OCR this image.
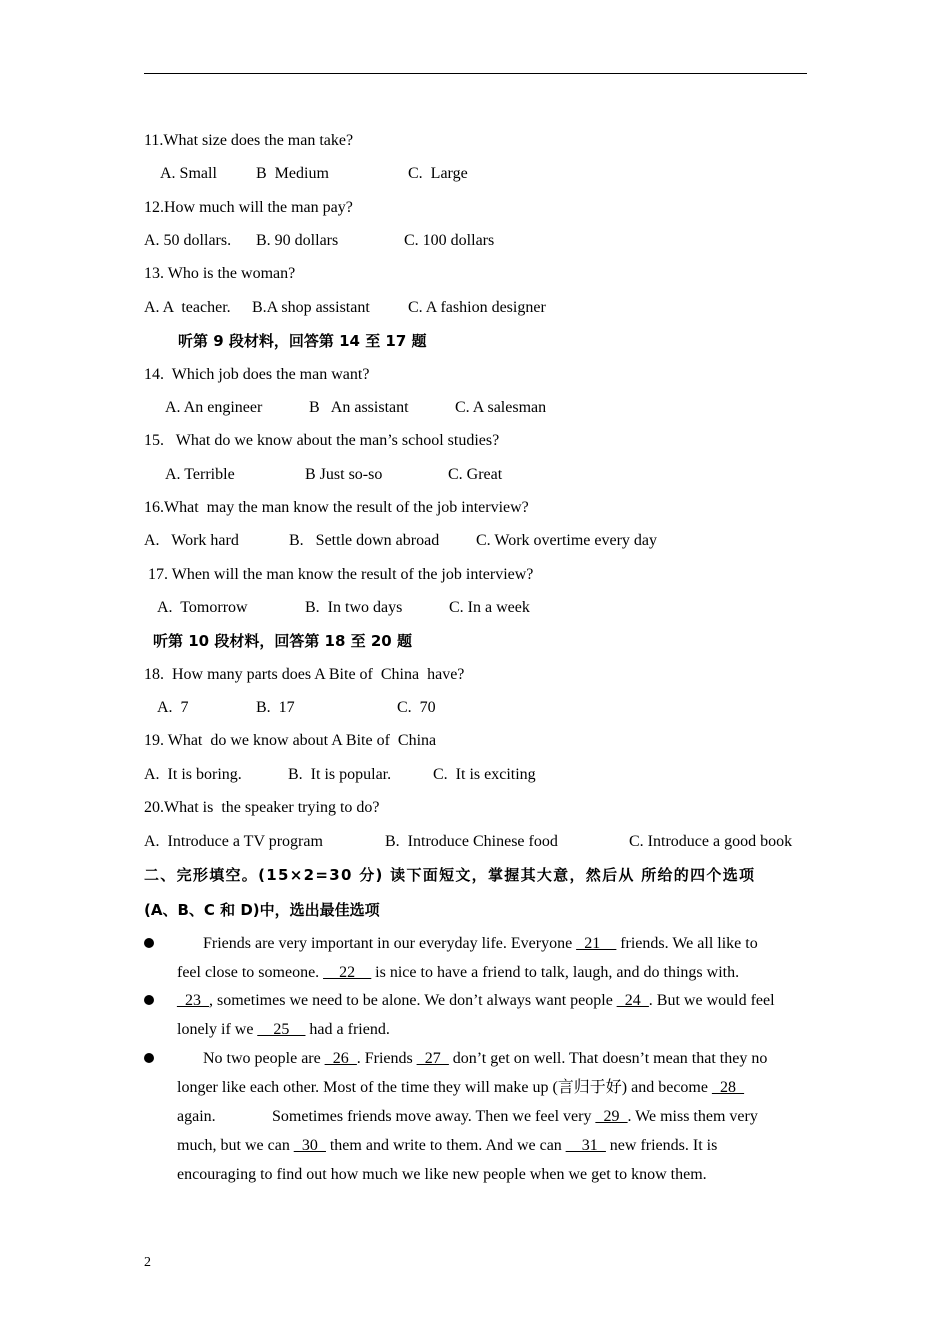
11.What size does the man take?
A. Small B  Medium	C.  Large
12.How much will the man pay?
A. 50 dollars. B. 90 dollars	C. 100 dollars
13. Who is the woman?
A. A  teacher. B.A shop assistant C. A fashion designer
听第 9 段材料，回答第 14 至 17 题
14.  Which job does the man want?
A. An engineer	B   An assistant	C. A salesman
15.   What do we know about the man’s school studies?
A. Terrible	B Just so-so	C. Great
16.What  may the man know the result of the job interview?
A.   Work hard	B.   Settle down abroad C. Work overtime every day
17. When will the man know the result of the job interview?
A.  Tomorrow	B.  In two days	C. In a week
听第 10 段材料，回答第 18 至 20 题
18.  How many parts does A Bite of  China  have?
A.  7	B.  17	C.  70
19. What  do we know about A Bite of  China
A.  It is boring.	B.  It is popular.	C.  It is exciting
20.What is  the speaker trying to do?
A.  Introduce a TV program	B.  Introduce Chinese food	C. Introduce a good book
二、完形填空。(15×2=30 分) 读下面短文，掌握其大意，然后从 所给的四个选项
(A、B、C 和 D)中，选出最佳选项
Friends are very important in our everyday life. Everyone _21__ friends. We all like to
feel close to someone. __22__ is nice to have a friend to talk, laugh, and do things with.
_23_, sometimes we need to be alone. We don’t always want people _24_. But we would feel
lonely if we __25__ had a friend.
No two people are _26_. Friends _27_ don’t get on well. That doesn’t mean that they no
longer like each other. Most of the time they will make up (言归于好) and become _28_
again.	Sometimes friends move away. Then we feel very _29_. We miss them very
much, but we can _30_ them and write to them. And we can __31_ new friends. It is
encouraging to find out how much we like new people when we get to know them.
2
